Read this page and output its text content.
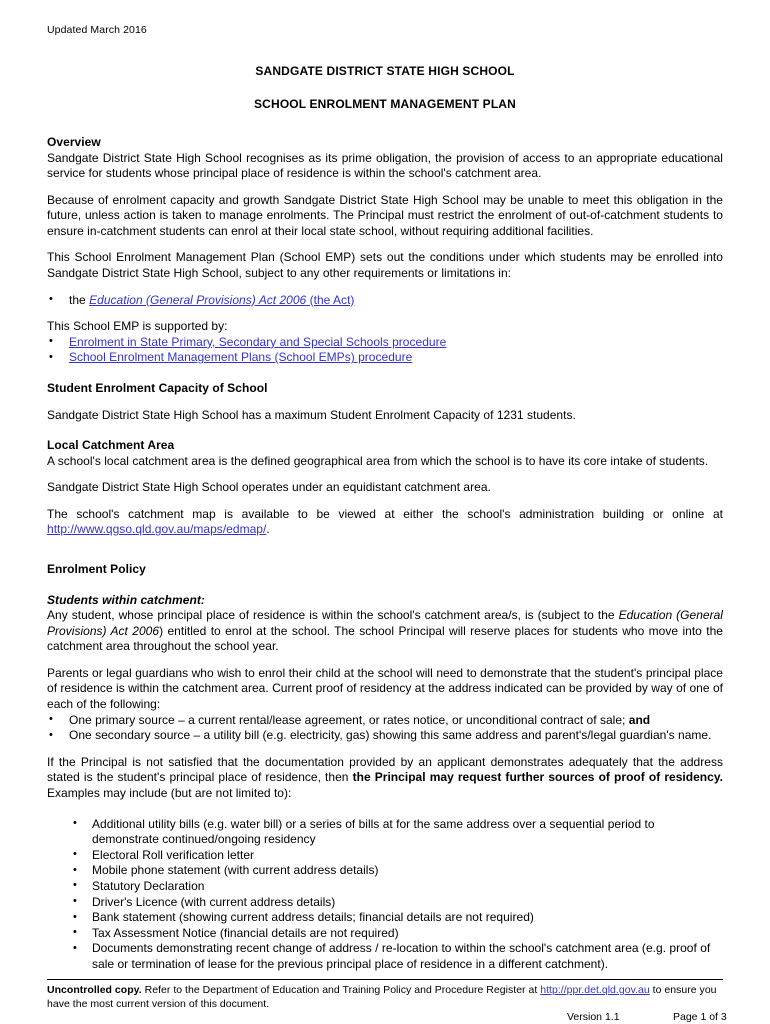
Updated March 2016

SANDGATE DISTRICT STATE HIGH SCHOOL

SCHOOL ENROLMENT MANAGEMENT PLAN

Overview

Sandgate District State High School recognises as its prime obligation, the provision of access to an appropriate educational service for students whose principal place of residence is within the school's catchment area.

Because of enrolment capacity and growth Sandgate District State High School may be unable to meet this obligation in the future, unless action is taken to manage enrolments. The Principal must restrict the enrolment of out-of-catchment students to ensure in-catchment students can enrol at their local state school, without requiring additional facilities.

This School Enrolment Management Plan (School EMP) sets out the conditions under which students may be enrolled into Sandgate District State High School, subject to any other requirements or limitations in:

• the Education (General Provisions) Act 2006 (the Act)

This School EMP is supported by:

• Enrolment in State Primary, Secondary and Special Schools procedure
• School Enrolment Management Plans (School EMPs) procedure
Student Enrolment Capacity of School

Sandgate District State High School has a maximum Student Enrolment Capacity of 1231 students.

Local Catchment Area

A school's local catchment area is the defined geographical area from which the school is to have its core intake of students.

Sandgate District State High School operates under an equidistant catchment area.

The school's catchment map is available to be viewed at either the school's administration building or online at http://www.qgso.qld.gov.au/maps/edmap/.

Enrolment Policy
Students within catchment:

Any student, whose principal place of residence is within the school's catchment area/s, is (subject to the Education (General Provisions) Act 2006) entitled to enrol at the school. The school Principal will reserve places for students who move into the catchment area throughout the school year.

Parents or legal guardians who wish to enrol their child at the school will need to demonstrate that the student's principal place of residence is within the catchment area. Current proof of residency at the address indicated can be provided by way of one of each of the following:

• One primary source – a current rental/lease agreement, or rates notice, or unconditional contract of sale; and
• One secondary source – a utility bill (e.g. electricity, gas) showing this same address and parent's/legal guardian's name.

If the Principal is not satisfied that the documentation provided by an applicant demonstrates adequately that the address stated is the student's principal place of residence, then the Principal may request further sources of proof of residency. Examples may include (but are not limited to):

• Additional utility bills (e.g. water bill) or a series of bills at for the same address over a sequential period to demonstrate continued/ongoing residency
• Electoral Roll verification letter
• Mobile phone statement (with current address details)
• Statutory Declaration
• Driver's Licence (with current address details)
• Bank statement (showing current address details; financial details are not required)
• Tax Assessment Notice (financial details are not required)
• Documents demonstrating recent change of address / re-location to within the school's catchment area (e.g. proof of sale or termination of lease for the previous principal place of residence in a different catchment).

Uncontrolled copy. Refer to the Department of Education and Training Policy and Procedure Register at http://ppr.det.qld.gov.au to ensure you have the most current version of this document.

Version 1.1	Page 1 of 3
